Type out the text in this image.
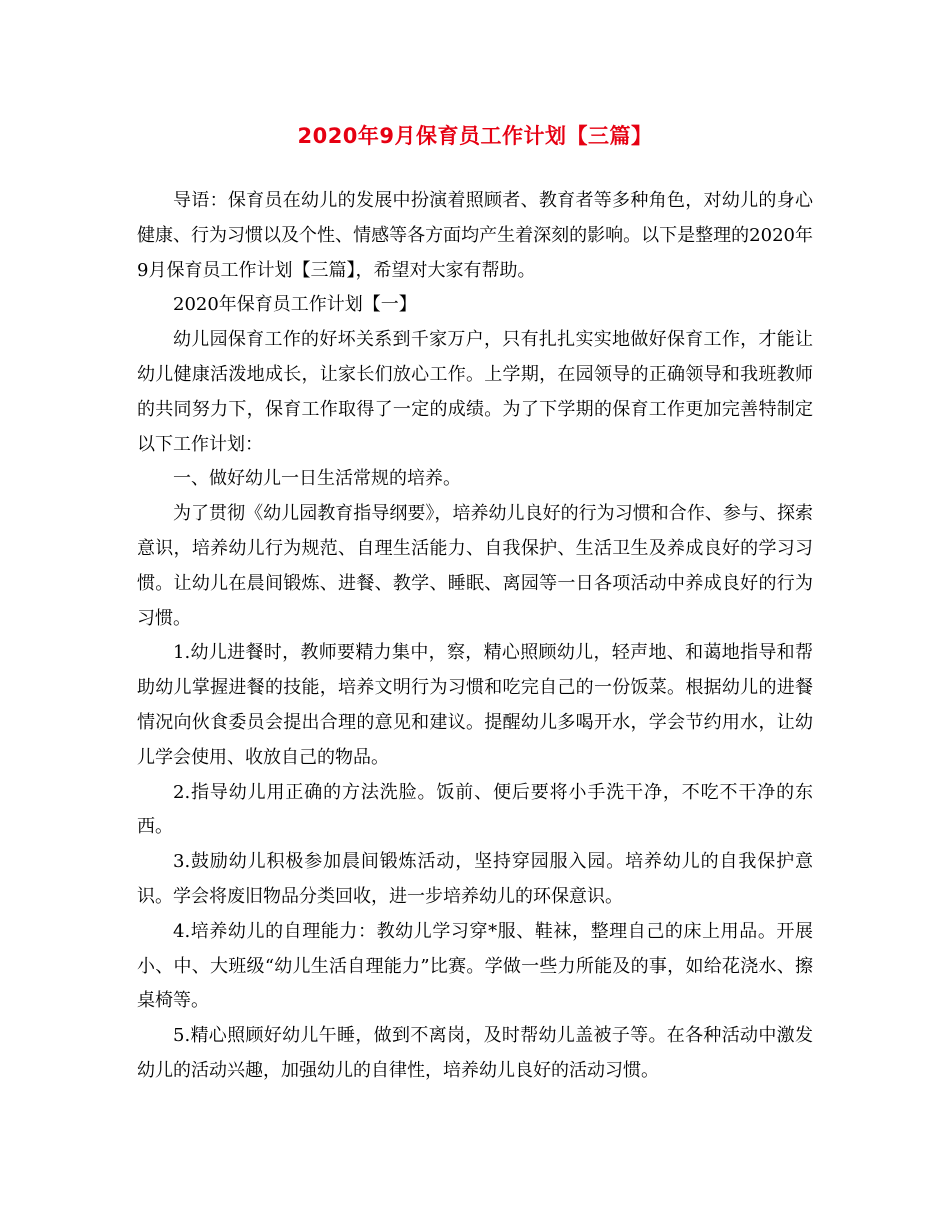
2020年9月保育员工作计划【三篇】

导语：保育员在幼儿的发展中扮演着照顾者、教育者等多种角色，对幼儿的身心健康、行为习惯以及个性、情感等各方面均产生着深刻的影响。以下是整理的2020年9月保育员工作计划【三篇】，希望对大家有帮助。

2020年保育员工作计划【一】

幼儿园保育工作的好坏关系到千家万户，只有扎扎实实地做好保育工作，才能让幼儿健康活泼地成长，让家长们放心工作。上学期，在园领导的正确领导和我班教师的共同努力下，保育工作取得了一定的成绩。为了下学期的保育工作更加完善特制定以下工作计划：

一、做好幼儿一日生活常规的培养。

为了贯彻《幼儿园教育指导纲要》，培养幼儿良好的行为习惯和合作、参与、探索意识，培养幼儿行为规范、自理生活能力、自我保护、生活卫生及养成良好的学习习惯。让幼儿在晨间锻炼、进餐、教学、睡眠、离园等一日各项活动中养成良好的行为习惯。

1.幼儿进餐时，教师要精力集中，察，精心照顾幼儿，轻声地、和蔼地指导和帮助幼儿掌握进餐的技能，培养文明行为习惯和吃完自己的一份饭菜。根据幼儿的进餐情况向伙食委员会提出合理的意见和建议。提醒幼儿多喝开水，学会节约用水，让幼儿学会使用、收放自己的物品。

2.指导幼儿用正确的方法洗脸。饭前、便后要将小手洗干净，不吃不干净的东西。

3.鼓励幼儿积极参加晨间锻炼活动，坚持穿园服入园。培养幼儿的自我保护意识。学会将废旧物品分类回收，进一步培养幼儿的环保意识。

4.培养幼儿的自理能力：教幼儿学习穿*服、鞋袜，整理自己的床上用品。开展小、中、大班级“幼儿生活自理能力”比赛。学做一些力所能及的事，如给花浇水、擦桌椅等。

5.精心照顾好幼儿午睡，做到不离岗，及时帮幼儿盖被子等。在各种活动中激发幼儿的活动兴趣，加强幼儿的自律性，培养幼儿良好的活动习惯。
